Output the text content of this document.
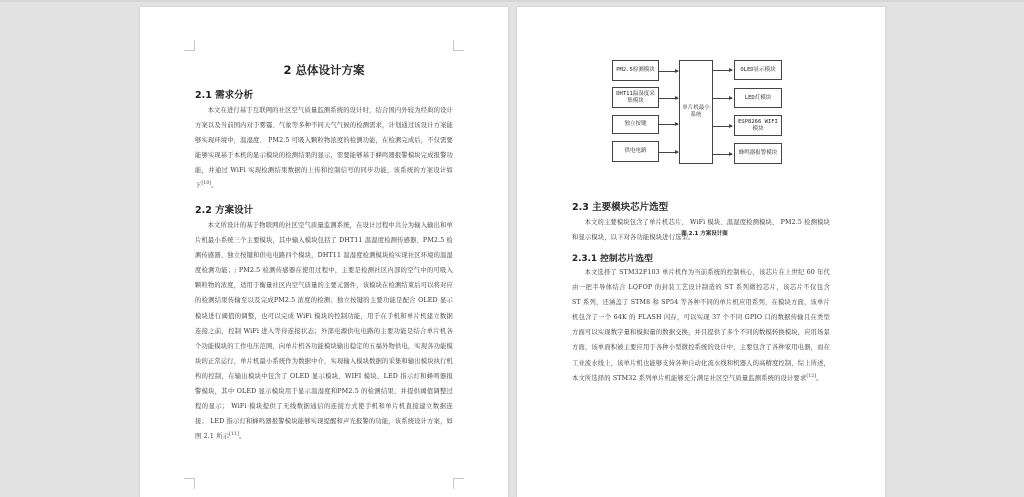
2 总体设计方案

2.1 需求分析

本文在进行基于互联网的社区空气质量监测系统的设计时，结合国内外较为经典的设计方案以及当前国内对于雾霾、气象等多种不同天气气候的检测需求，计划通过该设计方案能够实现环境中，温湿度、 PM2.5 可吸入颗粒物浓度的检测功能，在检测完成后，不仅需要能够实现基于本机的显示模块的检测结果的显示，需要能够基于蜂鸣器报警模块完成报警功能，并通过 WiFi 实现检测结果数据的上传和控制信号的同步功能，该系统的方案设计如下[10]。

2.2 方案设计

本文所设计的基于物联网的社区空气质量监测系统，在设计过程中共分为输入输出和单片机最小系统三个主要模块，其中输入模块包括了 DHT11 温湿度检测传感器、PM2.5 检测传感器、独立按键和供电电路四个模块，DHT11 温湿度检测模块检实现社区环境的温湿度检测功能；; PM2.5 检测传感器在使用过程中，主要是检测社区内部的空气中的可吸入颗粒物的浓度，适用于衡量社区内空气质量的主要元器件，该模块在检测结束后可以将对应的检测结果传输至以及完成PM2.5 浓度的检测；独立按键的主要功能是配合 OLED 显示模块进行阈值的调整，也可以完成 WiFi 模块的控制功能，用于在手机和单片机建立数据连接之前，控制 WiFi 进入等待连接状态；外部电源供电电路的主要功能是结合单片机各个功能模块的工作电压范围，向单片机各功能模块输出稳定的五福外物供电，实现各功能模块的正常运行，单片机最小系统作为数据中介，实现输入模块数据的采集和输出模块执行机构的控制，在输出模块中包含了 OLED 显示模块、WIFI 模块、LED 指示灯和蜂鸣器报警模块，其中 OLED 显示模块用于显示温湿度和PM2.5 的检测结果，并提供阈值调整过程的显示； WiFi 模块提供了无线数据通信的连接方式使手机和单片机直接建立数据连接； LED 指示灯和蜂鸣器报警模块能够实现提醒和声光报警的功能，该系统设计方案，如图 2.1 所示[11]。

PM2.5检测模块
DHT11温湿度采集模块
独立按键
供电电路
单片机最小系统
OLED显示模块
LED灯模块
ESP8266 WIFI模块
蜂鸣器报警模块
图 2.1 方案设计图

2.3 主要模块芯片选型

本文的主要模块包含了单片机芯片、 WiFi 模块、温湿度检测模块、 PM2.5 检测模块和显示模块，以下对各功能模块进行选型。

2.3.1 控制芯片选型

本文选择了 STM32F103 单片机作为当前系统的控制核心，该芯片在上世纪 60 年代由一把半导体结合 LQFOP 的封装工艺设计制造的 ST 系列微控芯片，该芯片不仅包含 ST 系列，还涵盖了 STM8 和 SP54 等各种不同的单片机应用系列，在模块方面，该单片机包含了一个 64K 的 FLASH 闪存，可以实现 37 个不同 GPIO 口的数据传输且在类型方面可以实现数字量和模拟量的数据交换，并且提供了多个不同的数模转换模块，应用场景方面，该单面积被主要应用于各种小型微控系统的设计中，主要包含了各种家用电器，而在工业流水线上，该单片机也能够支持各种自动化流水线和机器人的高精度控制，综上所述，本文所选择的 STM32 系列单片机能够充分满足社区空气质量监测系统的设计要求[12]。
